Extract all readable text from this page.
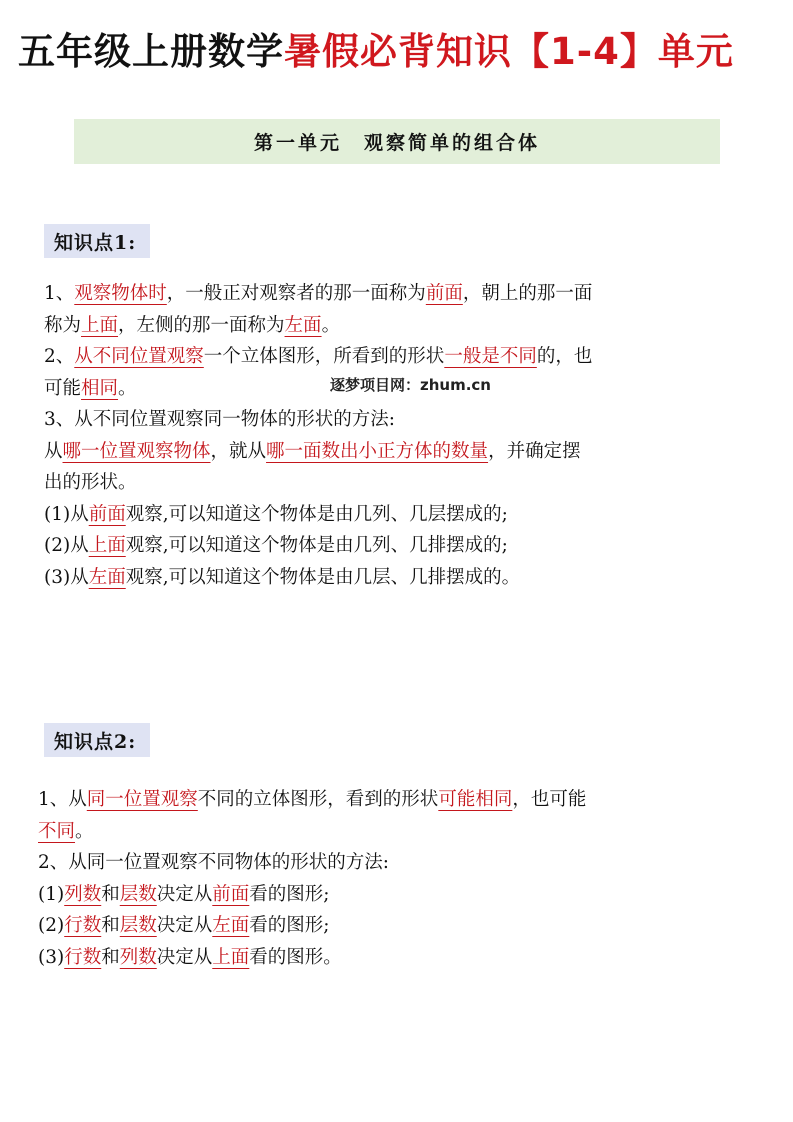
五年级上册数学暑假必背知识【1-4】单元
第一单元　观察简单的组合体
知识点1:
1、观察物体时，一般正对观察者的那一面称为前面，朝上的那一面
称为上面，左侧的那一面称为左面。
2、从不同位置观察一个立体图形，所看到的形状一般是不同的，也
可能相同。
3、从不同位置观察同一物体的形状的方法:
从哪一位置观察物体，就从哪一面数出小正方体的数量，并确定摆
出的形状。
(1)从前面观察,可以知道这个物体是由几列、几层摆成的;
(2)从上面观察,可以知道这个物体是由几列、几排摆成的;
(3)从左面观察,可以知道这个物体是由几层、几排摆成的。
逐梦项目网：zhum.cn
知识点2:
1、从同一位置观察不同的立体图形，看到的形状可能相同，也可能
不同。
2、从同一位置观察不同物体的形状的方法:
(1)列数和层数决定从前面看的图形;
(2)行数和层数决定从左面看的图形;
(3)行数和列数决定从上面看的图形。
